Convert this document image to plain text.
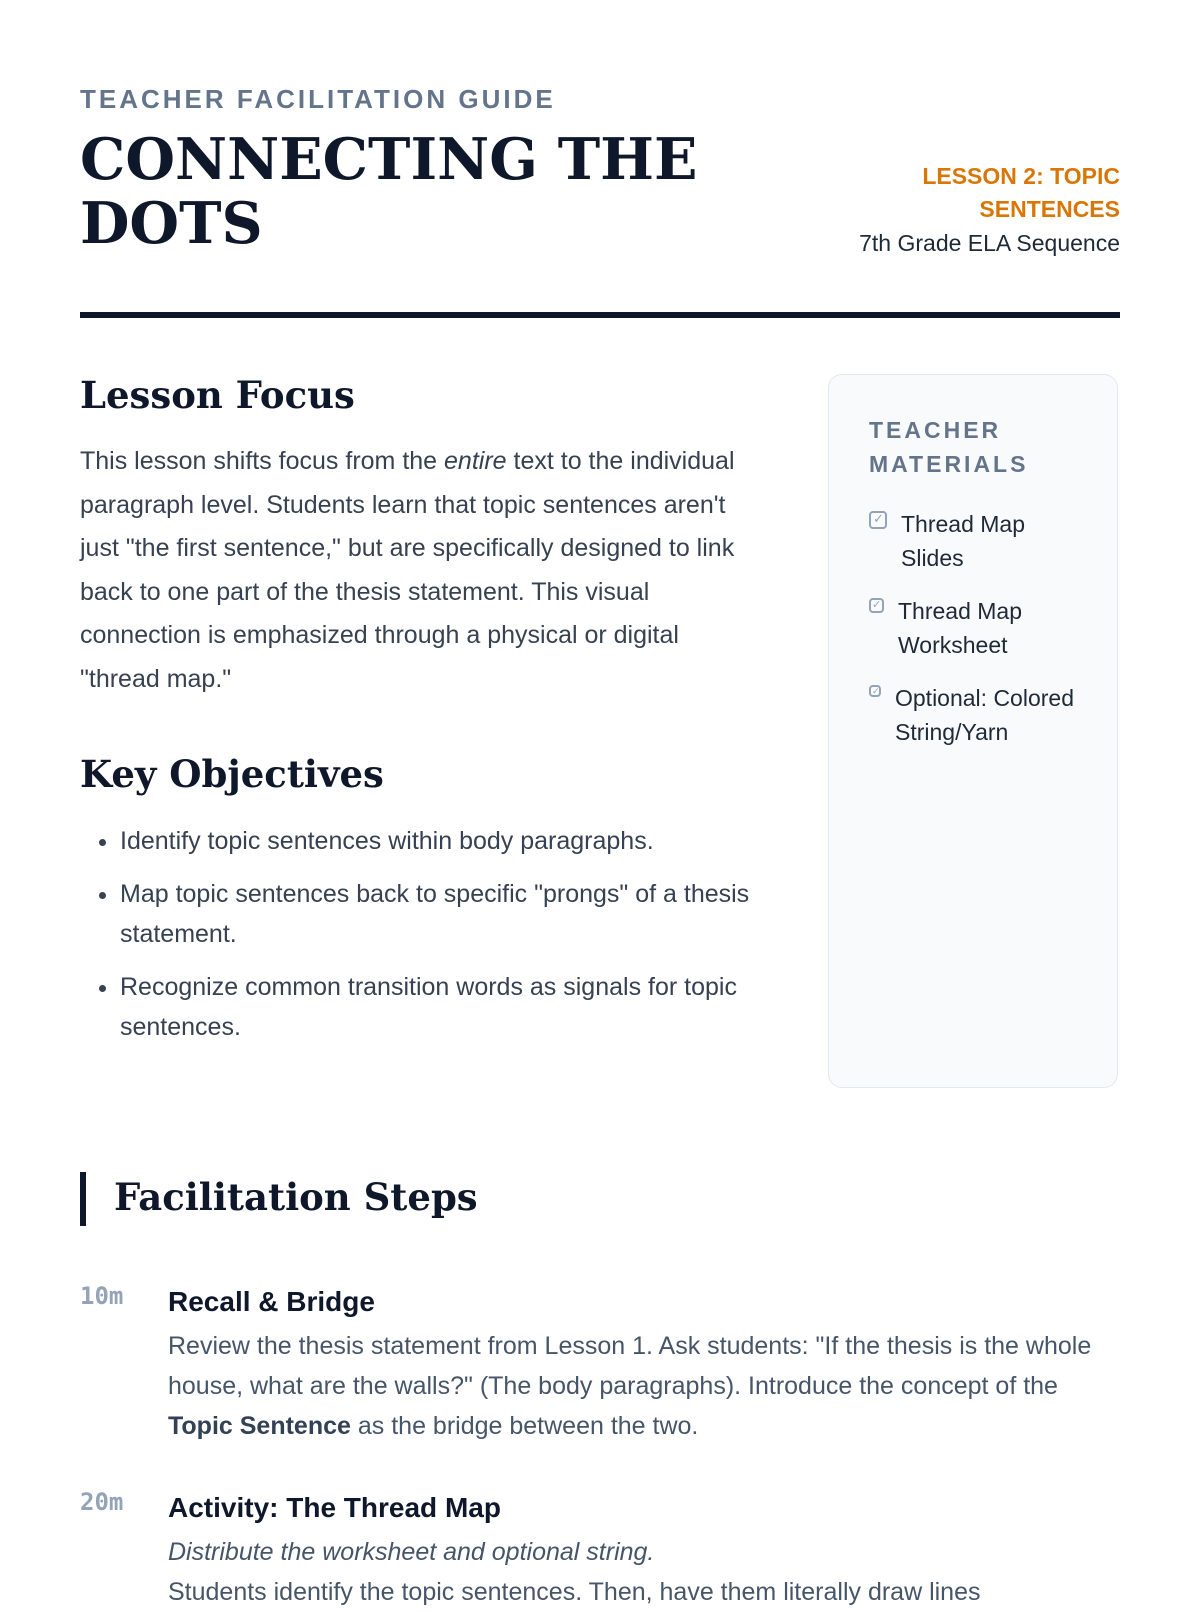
TEACHER FACILITATION GUIDE
CONNECTING THE DOTS
LESSON 2: TOPIC SENTENCES
7th Grade ELA Sequence
Lesson Focus

This lesson shifts focus from the entire text to the individual paragraph level. Students learn that topic sentences aren't just "the first sentence," but are specifically designed to link back to one part of the thesis statement. This visual connection is emphasized through a physical or digital "thread map."

Key Objectives
• Identify topic sentences within body paragraphs.
• Map topic sentences back to specific "prongs" of a thesis statement.
• Recognize common transition words as signals for topic sentences.
TEACHER MATERIALS
✓ Thread Map Slides
✓ Thread Map Worksheet
✓ Optional: Colored String/Yarn
Facilitation Steps
10m Recall & Bridge

Review the thesis statement from Lesson 1. Ask students: "If the thesis is the whole house, what are the walls?" (The body paragraphs). Introduce the concept of the Topic Sentence as the bridge between the two.

20m Activity: The Thread Map

Distribute the worksheet and optional string.

Students identify the topic sentences. Then, have them literally draw lines
